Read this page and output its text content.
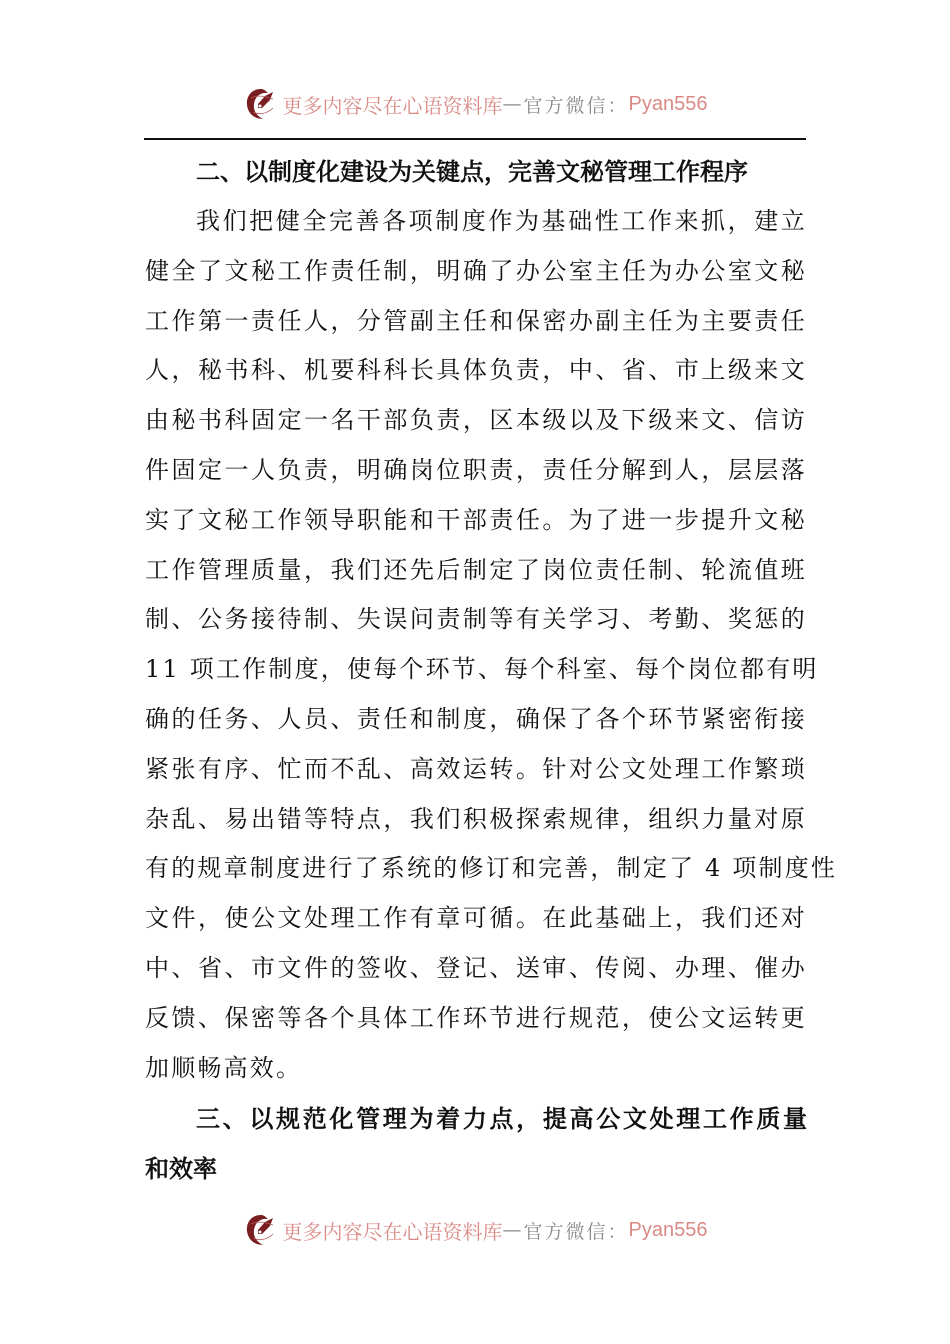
更多内容尽在心语资料库 — 官方微信： Pyan556
二、以制度化建设为关键点，完善文秘管理工作程序
我们把健全完善各项制度作为基础性工作来抓，建立
健全了文秘工作责任制，明确了办公室主任为办公室文秘
工作第一责任人，分管副主任和保密办副主任为主要责任
人，秘书科、机要科科长具体负责，中、省、市上级来文
由秘书科固定一名干部负责，区本级以及下级来文、信访
件固定一人负责，明确岗位职责，责任分解到人，层层落
实了文秘工作领导职能和干部责任。为了进一步提升文秘
工作管理质量，我们还先后制定了岗位责任制、轮流值班
制、公务接待制、失误问责制等有关学习、考勤、奖惩的
11 项工作制度，使每个环节、每个科室、每个岗位都有明
确的任务、人员、责任和制度，确保了各个环节紧密衔接
紧张有序、忙而不乱、高效运转。针对公文处理工作繁琐
杂乱、易出错等特点，我们积极探索规律，组织力量对原
有的规章制度进行了系统的修订和完善，制定了 4 项制度性
文件，使公文处理工作有章可循。在此基础上，我们还对
中、省、市文件的签收、登记、送审、传阅、办理、催办
反馈、保密等各个具体工作环节进行规范，使公文运转更
加顺畅高效。
三、以规范化管理为着力点，提高公文处理工作质量
和效率
更多内容尽在心语资料库 — 官方微信： Pyan556
